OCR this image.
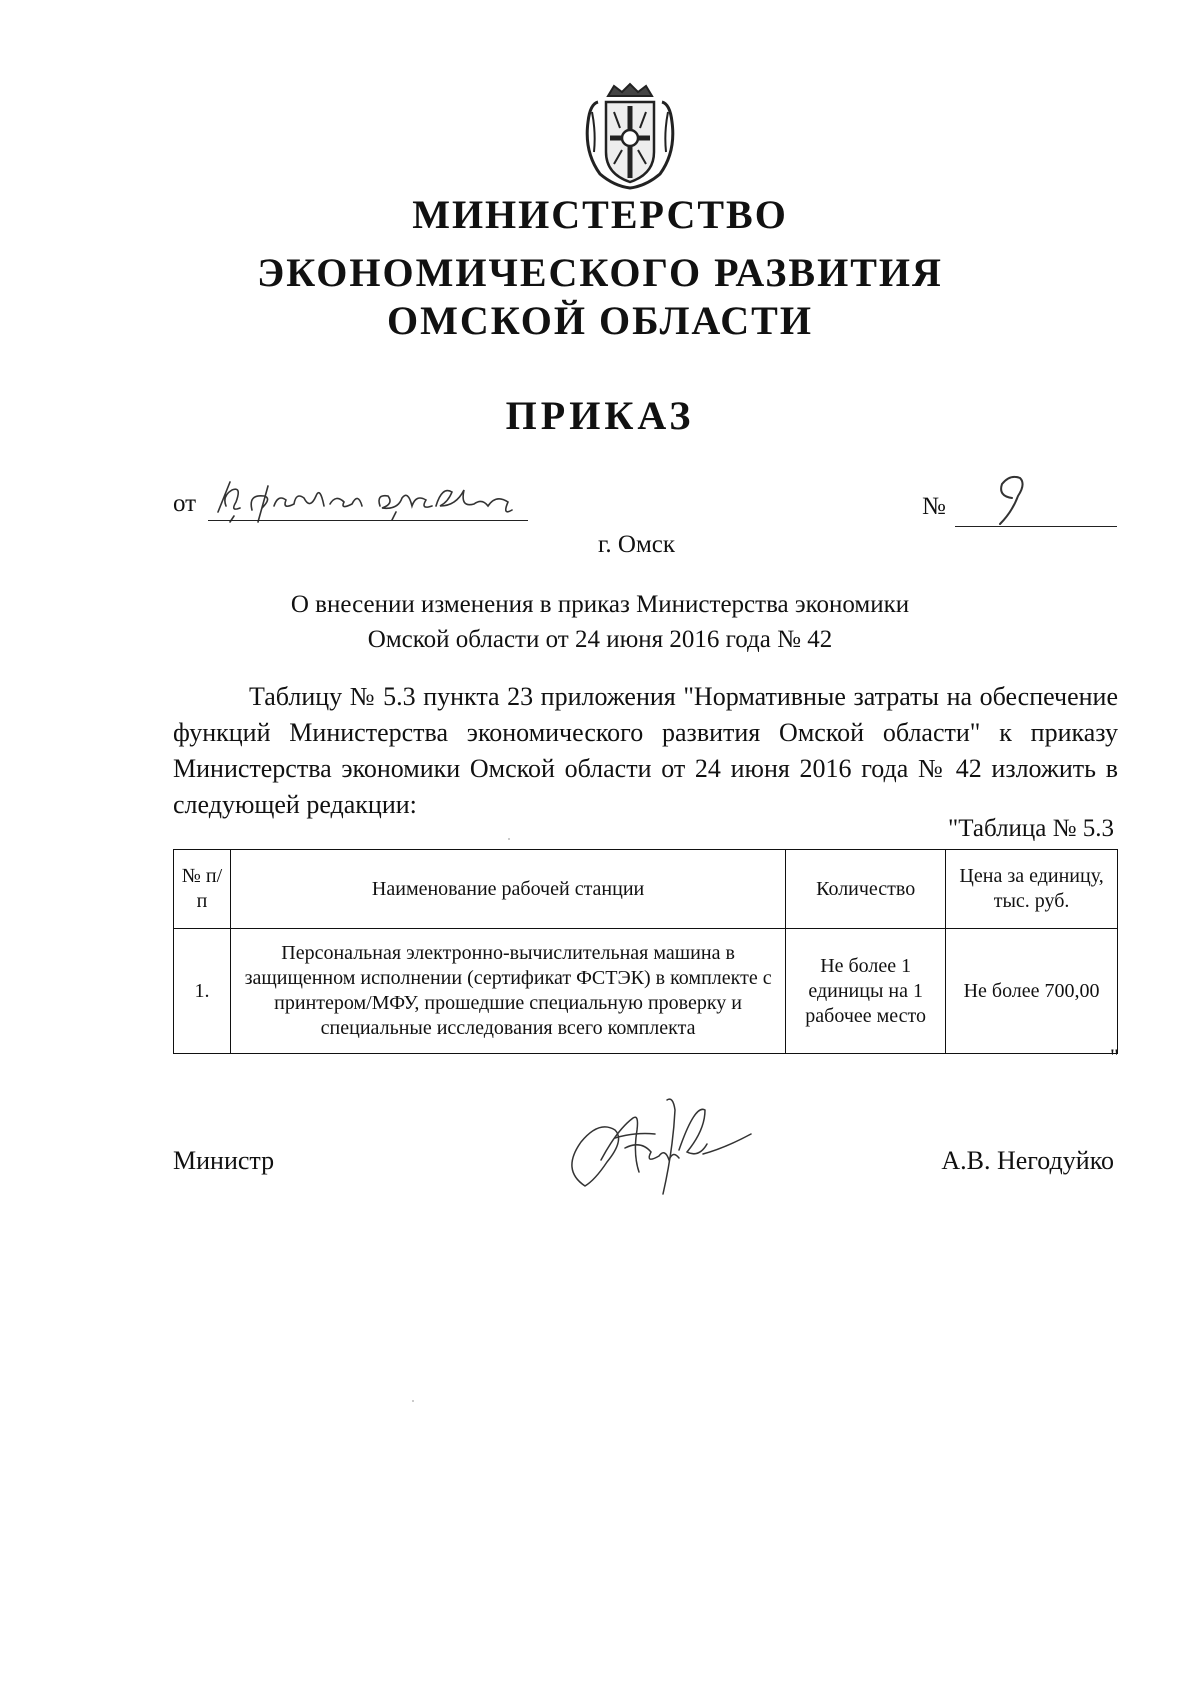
МИНИСТЕРСТВО
ЭКОНОМИЧЕСКОГО РАЗВИТИЯ
ОМСКОЙ ОБЛАСТИ
ПРИКАЗ
от	№
г. Омск
О внесении изменения в приказ Министерства экономики
Омской области от 24 июня 2016 года № 42

Таблицу № 5.3 пункта 23 приложения "Нормативные затраты на обеспечение функций Министерства экономического развития Омской области" к приказу Министерства экономики Омской области от 24 июня 2016 года № 42 изложить в следующей редакции:

"Таблица № 5.3
№ п/п	Наименование рабочей станции	Количество	Цена за единицу, тыс. руб.
1.	Персональная электронно-вычислительная машина в защищенном исполнении (сертификат ФСТЭК) в комплекте с принтером/МФУ, прошедшие специальную проверку и специальные исследования всего комплекта	Не более 1 единицы на 1 рабочее место	Не более 700,00
"
Министр	А.В. Негодуйко
